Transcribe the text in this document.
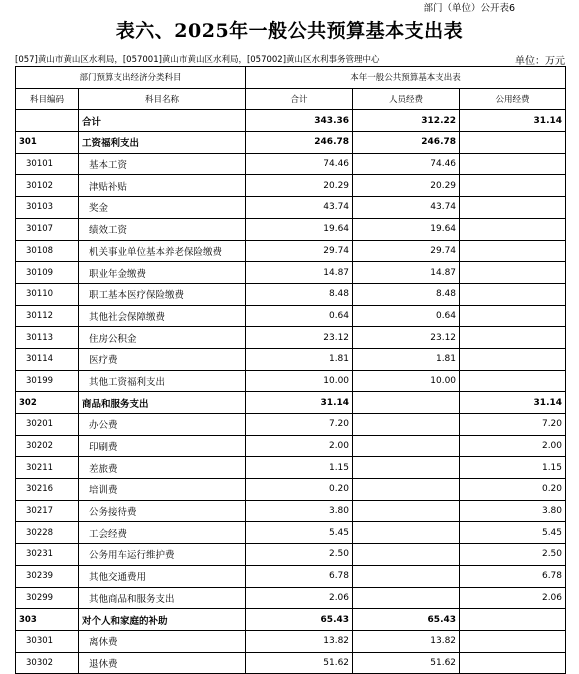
部门（单位）公开表6
表六、2025年一般公共预算基本支出表
[057]黄山市黄山区水利局，[057001]黄山市黄山区水利局，[057002]黄山区水利事务管理中心	单位：万元
部门预算支出经济分类科目		本年一般公共预算基本支出表		
科目编码	科目名称	合计	人员经费	公用经费
	合计	343.36	312.22	31.14
301	工资福利支出	246.78	246.78	
30101	基本工资	74.46	74.46	
30102	津贴补贴	20.29	20.29	
30103	奖金	43.74	43.74	
30107	绩效工资	19.64	19.64	
30108	机关事业单位基本养老保险缴费	29.74	29.74	
30109	职业年金缴费	14.87	14.87	
30110	职工基本医疗保险缴费	8.48	8.48	
30112	其他社会保障缴费	0.64	0.64	
30113	住房公积金	23.12	23.12	
30114	医疗费	1.81	1.81	
30199	其他工资福利支出	10.00	10.00	
302	商品和服务支出	31.14		31.14
30201	办公费	7.20		7.20
30202	印刷费	2.00		2.00
30211	差旅费	1.15		1.15
30216	培训费	0.20		0.20
30217	公务接待费	3.80		3.80
30228	工会经费	5.45		5.45
30231	公务用车运行维护费	2.50		2.50
30239	其他交通费用	6.78		6.78
30299	其他商品和服务支出	2.06		2.06
303	对个人和家庭的补助	65.43	65.43	
30301	离休费	13.82	13.82	
30302	退休费	51.62	51.62	
